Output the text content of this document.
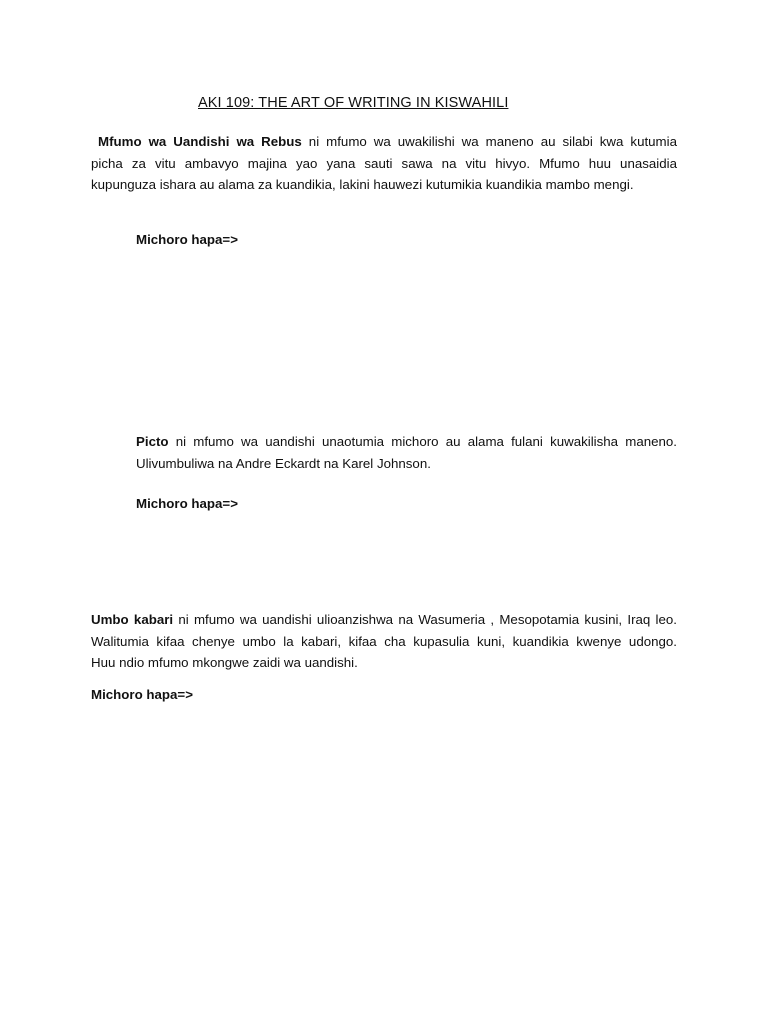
AKI 109: THE ART OF WRITING IN KISWAHILI
Mfumo wa Uandishi wa Rebus ni mfumo wa uwakilishi wa maneno au silabi kwa kutumia
picha za vitu ambavyo majina yao yana sauti sawa na vitu hivyo. Mfumo huu unasaidia
kupunguza ishara au alama za kuandikia, lakini hauwezi kutumikia kuandikia mambo mengi.

Michoro hapa=>

Picto ni mfumo wa uandishi unaotumia michoro au alama fulani kuwakilisha maneno.
Ulivumbuliwa na Andre Eckardt na Karel Johnson.

Michoro hapa=>

Umbo kabari ni mfumo wa uandishi ulioanzishwa na Wasumeria , Mesopotamia kusini, Iraq leo.
Walitumia kifaa chenye umbo la kabari, kifaa cha kupasulia kuni, kuandikia kwenye udongo.
Huu ndio mfumo mkongwe zaidi wa uandishi.

Michoro hapa=>
